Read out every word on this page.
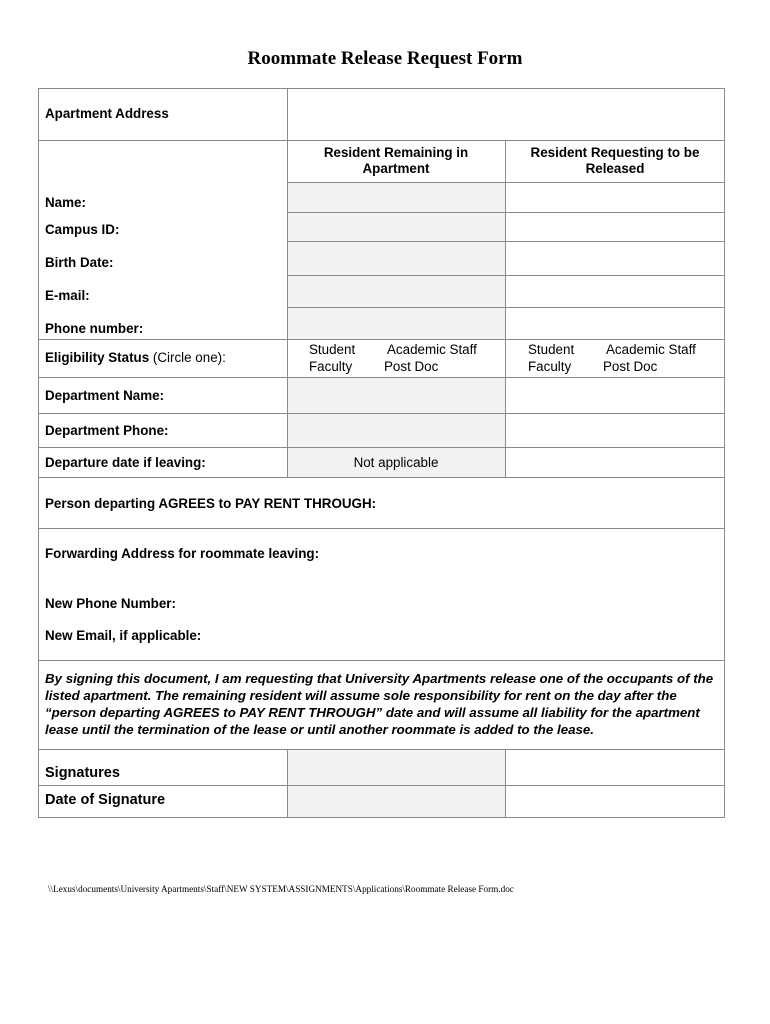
Roommate Release Request Form
Apartment Address
Resident Remaining in Apartment
Resident Requesting to be Released
Name:
Campus ID:
Birth Date:
E-mail:
Phone number:
Eligibility Status (Circle one):
Student Academic Staff
Faculty Post Doc
Student Academic Staff
Faculty Post Doc
Department Name:
Department Phone:
Departure date if leaving:	Not applicable
Person departing AGREES to PAY RENT THROUGH:
Forwarding Address for roommate leaving:
New Phone Number:
New Email, if applicable:
By signing this document, I am requesting that University Apartments release one of the occupants of the listed apartment. The remaining resident will assume sole responsibility for rent on the day after the “person departing AGREES to PAY RENT THROUGH” date and will assume all liability for the apartment lease until the termination of the lease or until another roommate is added to the lease.
Signatures
Date of Signature
\\Lexus\documents\University Apartments\Staff\NEW SYSTEM\ASSIGNMENTS\Applications\Roommate Release Form.doc
